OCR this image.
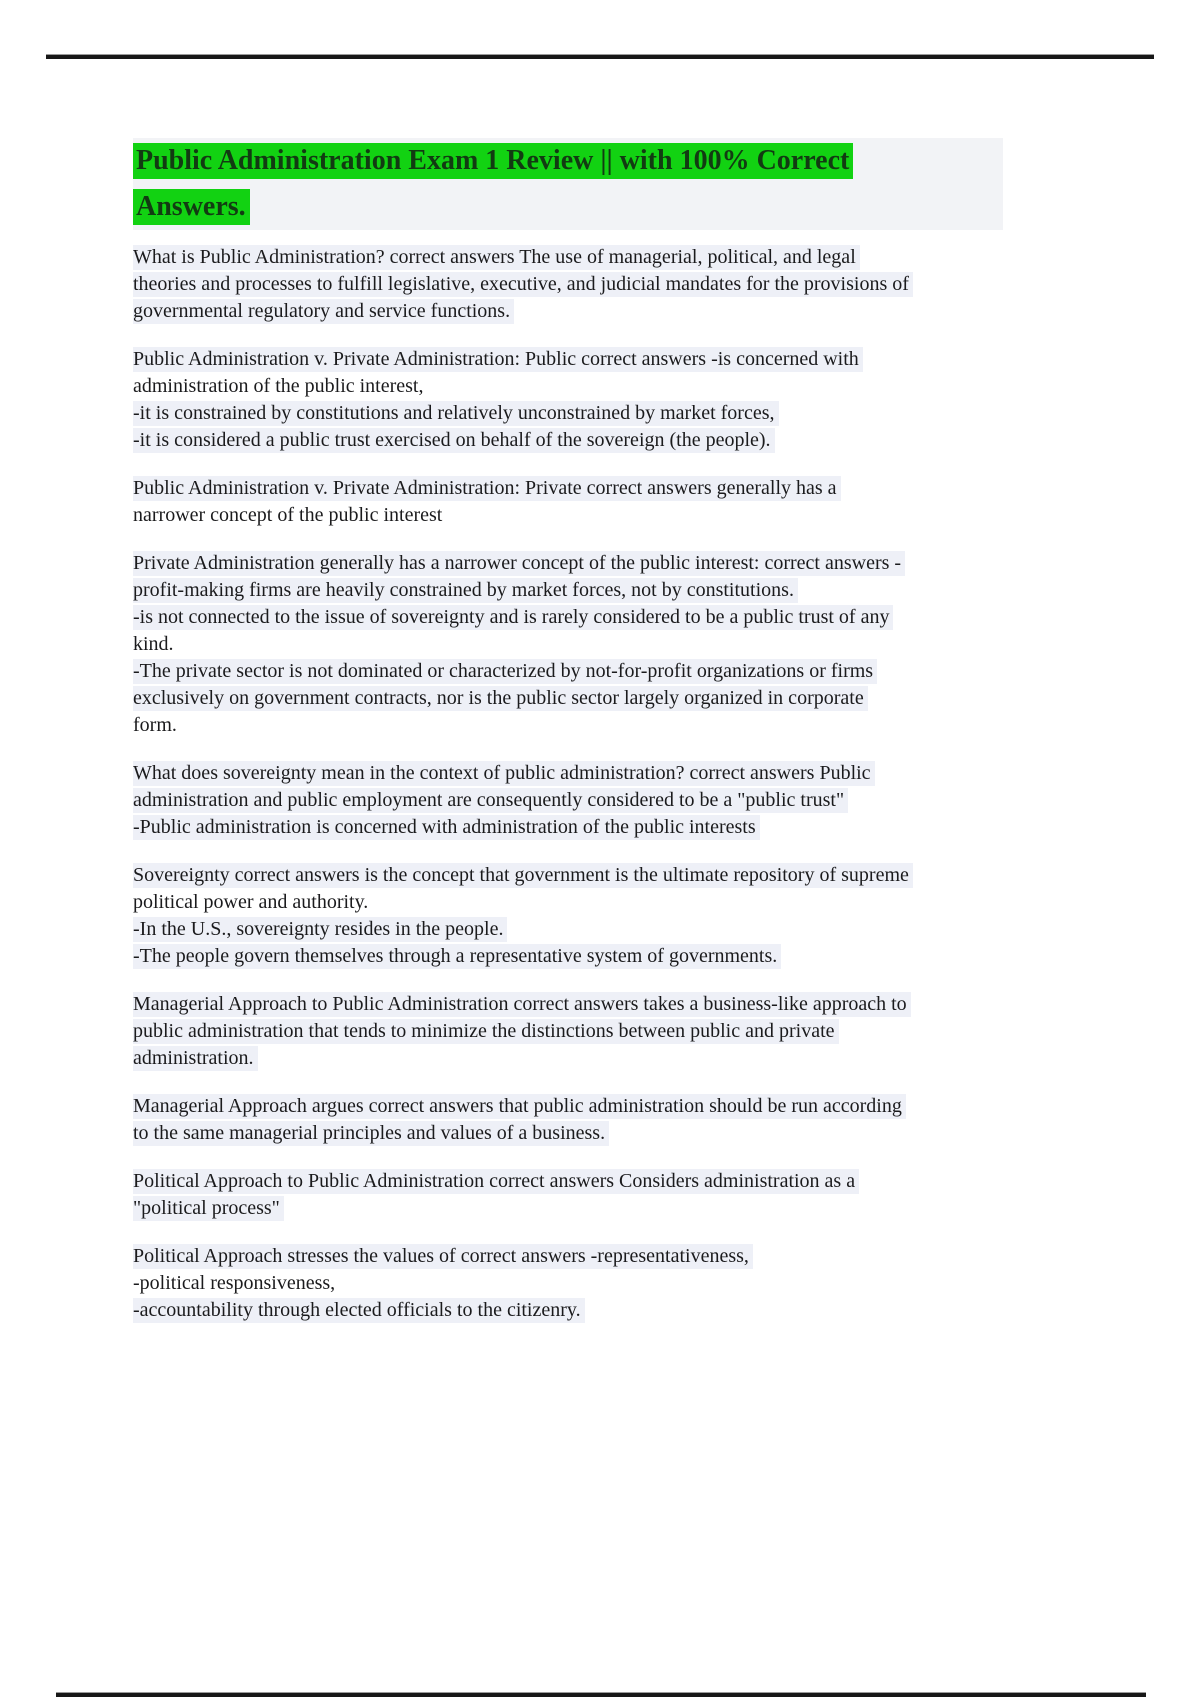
Public Administration Exam 1 Review || with 100% Correct
Answers.

What is Public Administration? correct answers The use of managerial, political, and legal
theories and processes to fulfill legislative, executive, and judicial mandates for the provisions of
governmental regulatory and service functions.

Public Administration v. Private Administration: Public correct answers -is concerned with
administration of the public interest,
-it is constrained by constitutions and relatively unconstrained by market forces,
-it is considered a public trust exercised on behalf of the sovereign (the people).

Public Administration v. Private Administration: Private correct answers generally has a
narrower concept of the public interest

Private Administration generally has a narrower concept of the public interest: correct answers -
profit-making firms are heavily constrained by market forces, not by constitutions.
-is not connected to the issue of sovereignty and is rarely considered to be a public trust of any
kind.
-The private sector is not dominated or characterized by not-for-profit organizations or firms
exclusively on government contracts, nor is the public sector largely organized in corporate
form.

What does sovereignty mean in the context of public administration? correct answers Public
administration and public employment are consequently considered to be a "public trust"
-Public administration is concerned with administration of the public interests

Sovereignty correct answers is the concept that government is the ultimate repository of supreme
political power and authority.
-In the U.S., sovereignty resides in the people.
-The people govern themselves through a representative system of governments.

Managerial Approach to Public Administration correct answers takes a business-like approach to
public administration that tends to minimize the distinctions between public and private
administration.

Managerial Approach argues correct answers that public administration should be run according
to the same managerial principles and values of a business.

Political Approach to Public Administration correct answers Considers administration as a
"political process"

Political Approach stresses the values of correct answers -representativeness,
-political responsiveness,
-accountability through elected officials to the citizenry.
